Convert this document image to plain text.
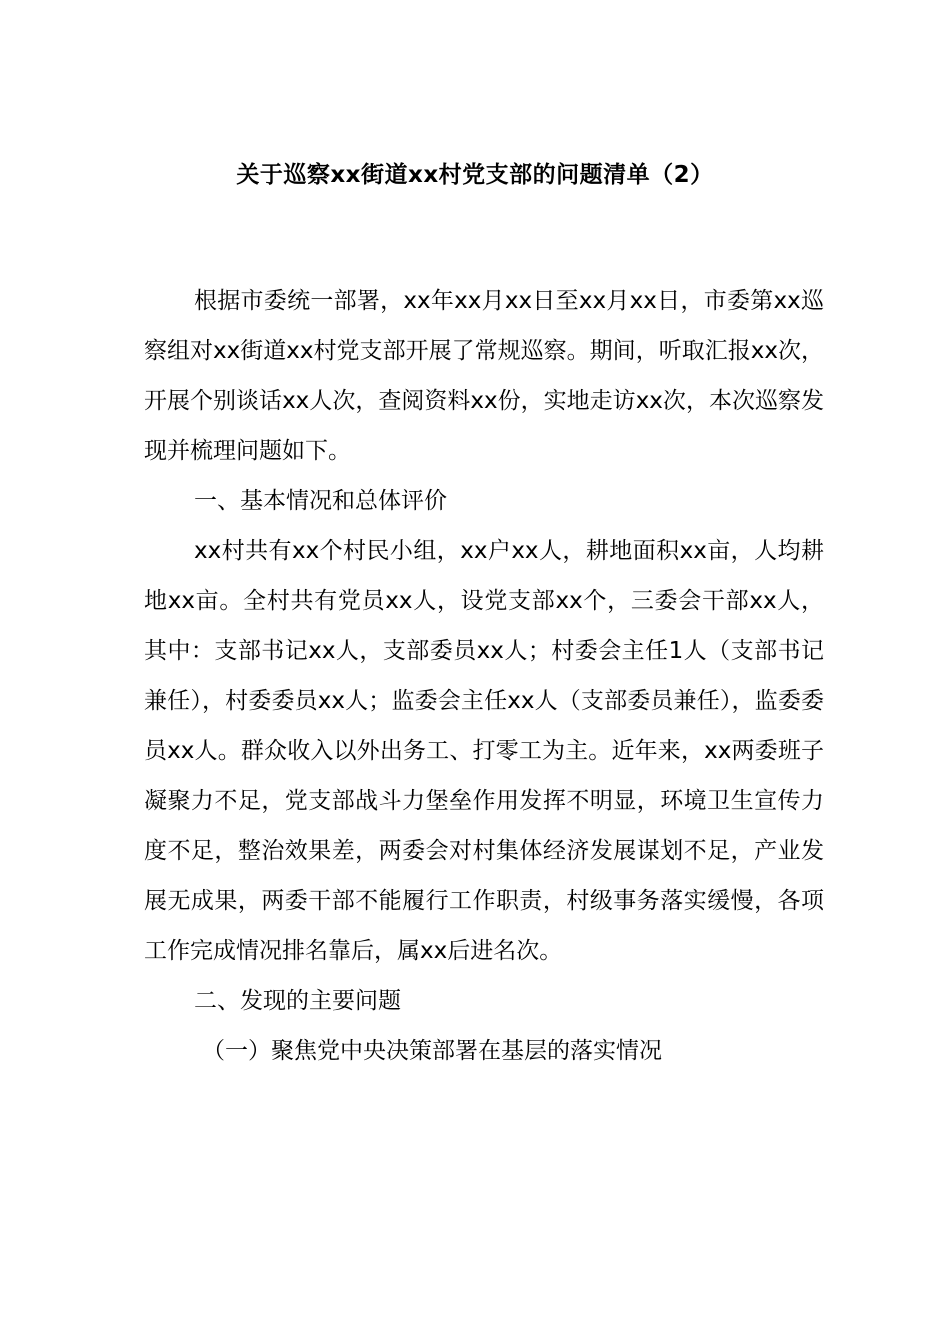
关于巡察xx街道xx村党支部的问题清单（2）

根据市委统一部署，xx年xx月xx日至xx月xx日，市委第xx巡察组对xx街道xx村党支部开展了常规巡察。期间，听取汇报xx次，开展个别谈话xx人次，查阅资料xx份，实地走访xx次，本次巡察发现并梳理问题如下。

一、基本情况和总体评价

xx村共有xx个村民小组，xx户xx人，耕地面积xx亩，人均耕地xx亩。全村共有党员xx人，设党支部xx个，三委会干部xx人，其中：支部书记xx人，支部委员xx人；村委会主任1人（支部书记兼任），村委委员xx人；监委会主任xx人（支部委员兼任），监委委员xx人。群众收入以外出务工、打零工为主。近年来，xx两委班子凝聚力不足，党支部战斗力堡垒作用发挥不明显，环境卫生宣传力度不足，整治效果差，两委会对村集体经济发展谋划不足，产业发展无成果，两委干部不能履行工作职责，村级事务落实缓慢，各项工作完成情况排名靠后，属xx后进名次。

二、发现的主要问题

（一）聚焦党中央决策部署在基层的落实情况
